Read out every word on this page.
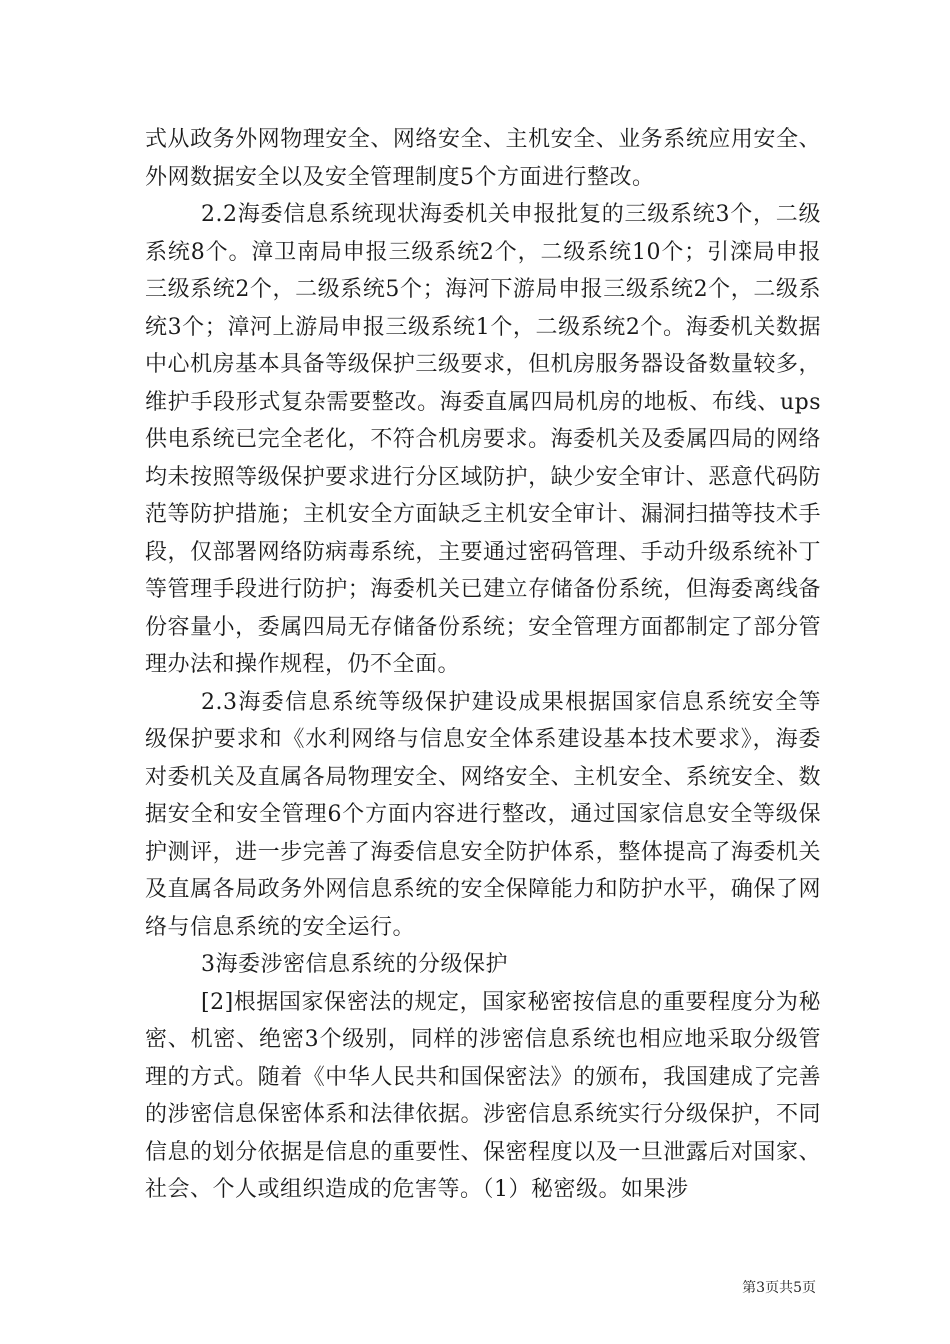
式从政务外网物理安全、网络安全、主机安全、业务系统应用安全、外网数据安全以及安全管理制度5个方面进行整改。

2.2海委信息系统现状海委机关申报批复的三级系统3个，二级系统8个。漳卫南局申报三级系统2个，二级系统10个；引滦局申报三级系统2个，二级系统5个；海河下游局申报三级系统2个，二级系统3个；漳河上游局申报三级系统1个，二级系统2个。海委机关数据中心机房基本具备等级保护三级要求，但机房服务器设备数量较多，维护手段形式复杂需要整改。海委直属四局机房的地板、布线、ups供电系统已完全老化，不符合机房要求。海委机关及委属四局的网络均未按照等级保护要求进行分区域防护，缺少安全审计、恶意代码防范等防护措施；主机安全方面缺乏主机安全审计、漏洞扫描等技术手段，仅部署网络防病毒系统，主要通过密码管理、手动升级系统补丁等管理手段进行防护；海委机关已建立存储备份系统，但海委离线备份容量小，委属四局无存储备份系统；安全管理方面都制定了部分管理办法和操作规程，仍不全面。

2.3海委信息系统等级保护建设成果根据国家信息系统安全等级保护要求和《水利网络与信息安全体系建设基本技术要求》，海委对委机关及直属各局物理安全、网络安全、主机安全、系统安全、数据安全和安全管理6个方面内容进行整改，通过国家信息安全等级保护测评，进一步完善了海委信息安全防护体系，整体提高了海委机关及直属各局政务外网信息系统的安全保障能力和防护水平，确保了网络与信息系统的安全运行。

3海委涉密信息系统的分级保护

[2]根据国家保密法的规定，国家秘密按信息的重要程度分为秘密、机密、绝密3个级别，同样的涉密信息系统也相应地采取分级管理的方式。随着《中华人民共和国保密法》的颁布，我国建成了完善的涉密信息保密体系和法律依据。涉密信息系统实行分级保护，不同信息的划分依据是信息的重要性、保密程度以及一旦泄露后对国家、社会、个人或组织造成的危害等。（1）秘密级。如果涉

第3页共5页
